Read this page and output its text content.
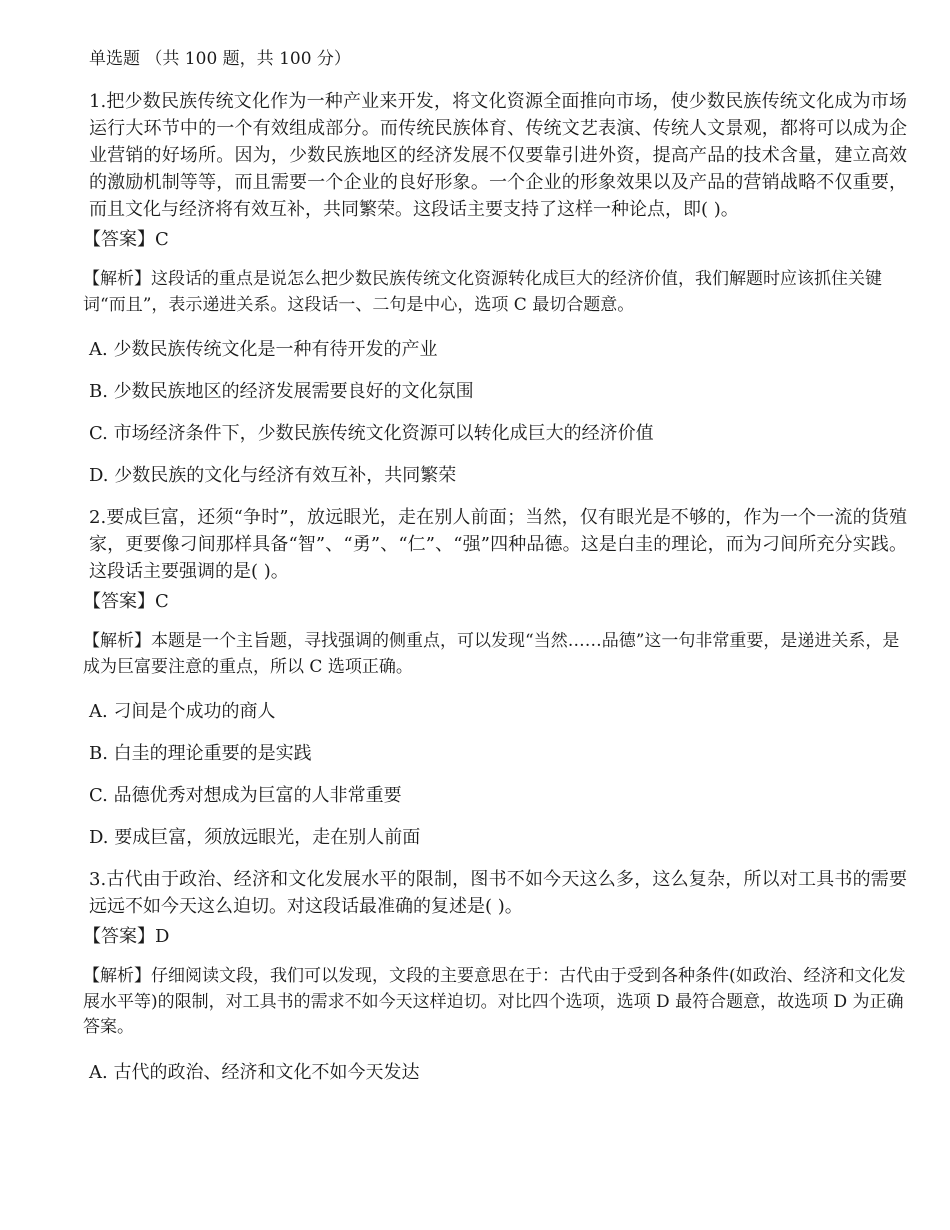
单选题 （共 100 题，共 100 分）

1.把少数民族传统文化作为一种产业来开发，将文化资源全面推向市场，使少数民族传统文化成为市场运行大环节中的一个有效组成部分。而传统民族体育、传统文艺表演、传统人文景观，都将可以成为企业营销的好场所。因为，少数民族地区的经济发展不仅要靠引进外资，提高产品的技术含量，建立高效的激励机制等等，而且需要一个企业的良好形象。一个企业的形象效果以及产品的营销战略不仅重要，而且文化与经济将有效互补，共同繁荣。这段话主要支持了这样一种论点，即( )。

【答案】C

【解析】这段话的重点是说怎么把少数民族传统文化资源转化成巨大的经济价值，我们解题时应该抓住关键词“而且”，表示递进关系。这段话一、二句是中心，选项 C 最切合题意。

A. 少数民族传统文化是一种有待开发的产业
B. 少数民族地区的经济发展需要良好的文化氛围
C. 市场经济条件下，少数民族传统文化资源可以转化成巨大的经济价值
D. 少数民族的文化与经济有效互补，共同繁荣

2.要成巨富，还须“争时”，放远眼光，走在别人前面；当然，仅有眼光是不够的，作为一个一流的货殖家，更要像刁间那样具备“智”、“勇”、“仁”、“强”四种品德。这是白圭的理论，而为刁间所充分实践。这段话主要强调的是( )。

【答案】C

【解析】本题是一个主旨题，寻找强调的侧重点，可以发现“当然……品德”这一句非常重要，是递进关系，是成为巨富要注意的重点，所以 C 选项正确。

A. 刁间是个成功的商人
B. 白圭的理论重要的是实践
C. 品德优秀对想成为巨富的人非常重要
D. 要成巨富，须放远眼光，走在别人前面

3.古代由于政治、经济和文化发展水平的限制，图书不如今天这么多，这么复杂，所以对工具书的需要远远不如今天这么迫切。对这段话最准确的复述是( )。

【答案】D

【解析】仔细阅读文段，我们可以发现，文段的主要意思在于：古代由于受到各种条件(如政治、经济和文化发展水平等)的限制，对工具书的需求不如今天这样迫切。对比四个选项，选项 D 最符合题意，故选项 D 为正确答案。

A. 古代的政治、经济和文化不如今天发达
